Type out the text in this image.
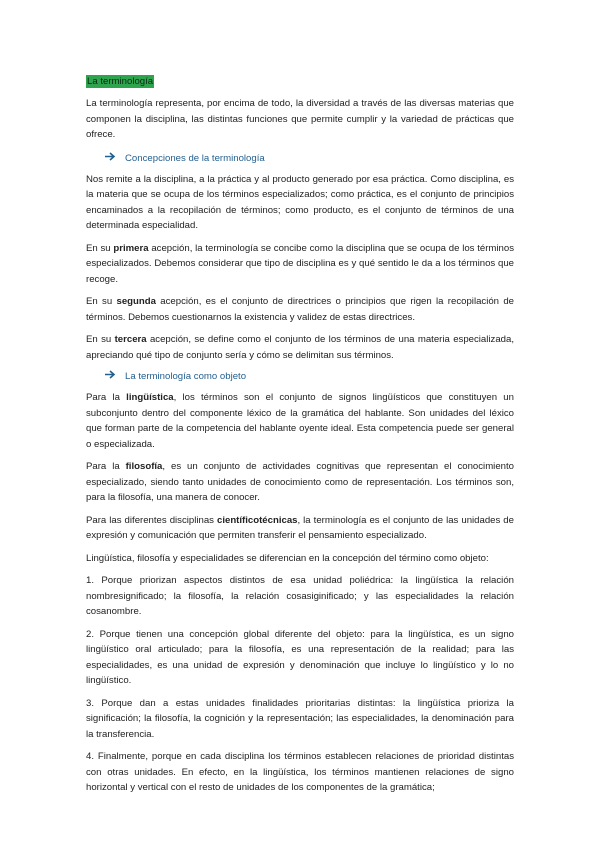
La terminología

La terminología representa, por encima de todo, la diversidad a través de las diversas materias que componen la disciplina, las distintas funciones que permite cumplir y la variedad de prácticas que ofrece.

Concepciones de la terminología

Nos remite a la disciplina, a la práctica y al producto generado por esa práctica. Como disciplina, es la materia que se ocupa de los términos especializados; como práctica, es el conjunto de principios encaminados a la recopilación de términos; como producto, es el conjunto de términos de una determinada especialidad.

En su primera acepción, la terminología se concibe como la disciplina que se ocupa de los términos especializados. Debemos considerar que tipo de disciplina es y qué sentido le da a los términos que recoge.

En su segunda acepción, es el conjunto de directrices o principios que rigen la recopilación de términos. Debemos cuestionarnos la existencia y validez de estas directrices.

En su tercera acepción, se define como el conjunto de los términos de una materia especializada, apreciando qué tipo de conjunto sería y cómo se delimitan sus términos.

La terminología como objeto

Para la lingüística, los términos son el conjunto de signos lingüísticos que constituyen un subconjunto dentro del componente léxico de la gramática del hablante. Son unidades del léxico que forman parte de la competencia del hablante oyente ideal. Esta competencia puede ser general o especializada.

Para la filosofía, es un conjunto de actividades cognitivas que representan el conocimiento especializado, siendo tanto unidades de conocimiento como de representación. Los términos son, para la filosofía, una manera de conocer.

Para las diferentes disciplinas científicotécnicas, la terminología es el conjunto de las unidades de expresión y comunicación que permiten transferir el pensamiento especializado.

Lingüística, filosofía y especialidades se diferencian en la concepción del término como objeto:

1. Porque priorizan aspectos distintos de esa unidad poliédrica: la lingüística la relación nombresignificado; la filosofía, la relación cosasiginificado; y las especialidades la relación cosanombre.

2. Porque tienen una concepción global diferente del objeto: para la lingüística, es un signo lingüístico oral articulado; para la filosofía, es una representación de la realidad; para las especialidades, es una unidad de expresión y denominación que incluye lo lingüístico y lo no lingüístico.

3. Porque dan a estas unidades finalidades prioritarias distintas: la lingüística prioriza la significación; la filosofía, la cognición y la representación; las especialidades, la denominación para la transferencia.

4. Finalmente, porque en cada disciplina los términos establecen relaciones de prioridad distintas con otras unidades. En efecto, en la lingüística, los términos mantienen relaciones de signo horizontal y vertical con el resto de unidades de los componentes de la gramática;
